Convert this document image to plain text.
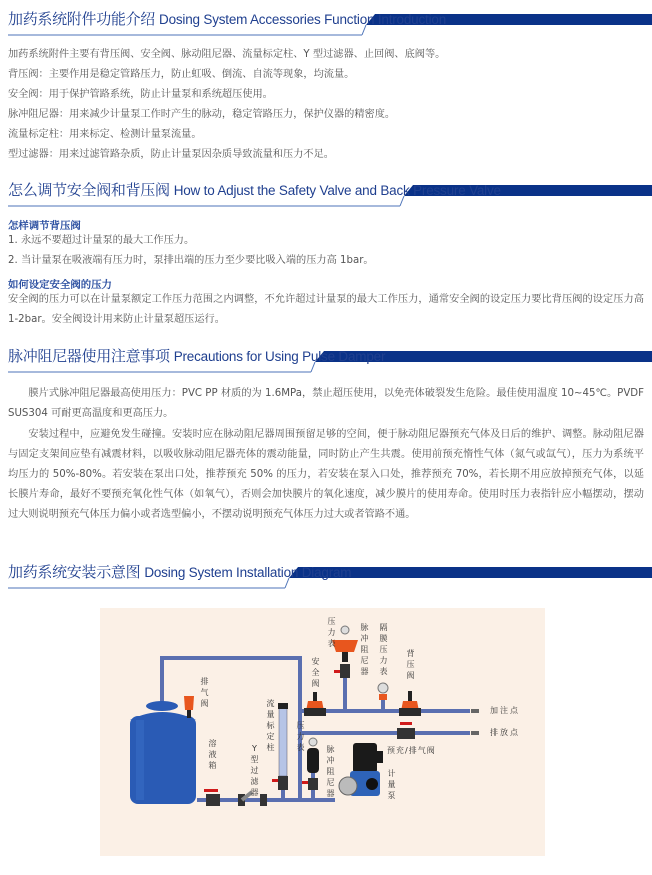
加药系统附件功能介绍 Dosing System Accessories Function Introduction

加药系统附件主要有背压阀、安全阀、脉动阻尼器、流量标定柱、Y 型过滤器、止回阀、底阀等。

背压阀：主要作用是稳定管路压力，防止虹吸、倒流、自流等现象，均流量。

安全阀：用于保护管路系统，防止计量泵和系统超压使用。

脉冲阻尼器：用来减少计量泵工作时产生的脉动，稳定管路压力，保护仪器的精密度。

流量标定柱：用来标定、检测计量泵流量。

型过滤器：用来过滤管路杂质，防止计量泵因杂质导致流量和压力不足。

怎么调节安全阀和背压阀 How to Adjust the Safety Valve and Back Pressure Valve
怎样调节背压阀

1. 永远不要超过计量泵的最大工作压力。

2. 当计量泵在吸液端有压力时，泵排出端的压力至少要比吸入端的压力高 1bar。

如何设定安全阀的压力
安全阀的压力可以在计量泵额定工作压力范围之内调整，不允许超过计量泵的最大工作压力，通常安全阀的设定压力要比背压阀的设定压力高 1-2bar。安全阀设计用来防止计量泵超压运行。
脉冲阻尼器使用注意事项 Precautions for Using Pulse Damper
膜片式脉冲阻尼器最高使用压力：PVC PP 材质的为 1.6MPa，禁止超压使用，以免壳体破裂发生危险。最佳使用温度 10~45℃。PVDF SUS304 可耐更高温度和更高压力。
安装过程中，应避免发生碰撞。安装时应在脉动阻尼器周围预留足够的空间，便于脉动阻尼器预充气体及日后的维护、调整。脉动阻尼器与固定支架间应垫有减震材料，以吸收脉动阻尼器壳体的震动能量，同时防止产生共震。使用前预充惰性气体（氮气或氙气），压力为系统平均压力的 50%-80%。若安装在泵出口处，推荐预充 50% 的压力，若安装在泵入口处，推荐预充 70%，若长期不用应放掉预充气体，以延长膜片寿命，最好不要预充氧化性气体（如氧气），否则会加快膜片的氧化速度，减少膜片的使用寿命。使用时压力表指针应小幅摆动，摆动过大则说明预充气体压力偏小或者选型偏小，不摆动说明预充气体压力过大或者管路不通。
加药系统安装示意图 Dosing System Installation Diagram
排气阀
溶液箱
Y型过滤器
流量标定柱
压力表	脉冲阻尼器
安全阀
压力表
脉冲阻尼器
隔膜压力表
背压阀
加注点
排放点
预充/排气阀
计量泵
